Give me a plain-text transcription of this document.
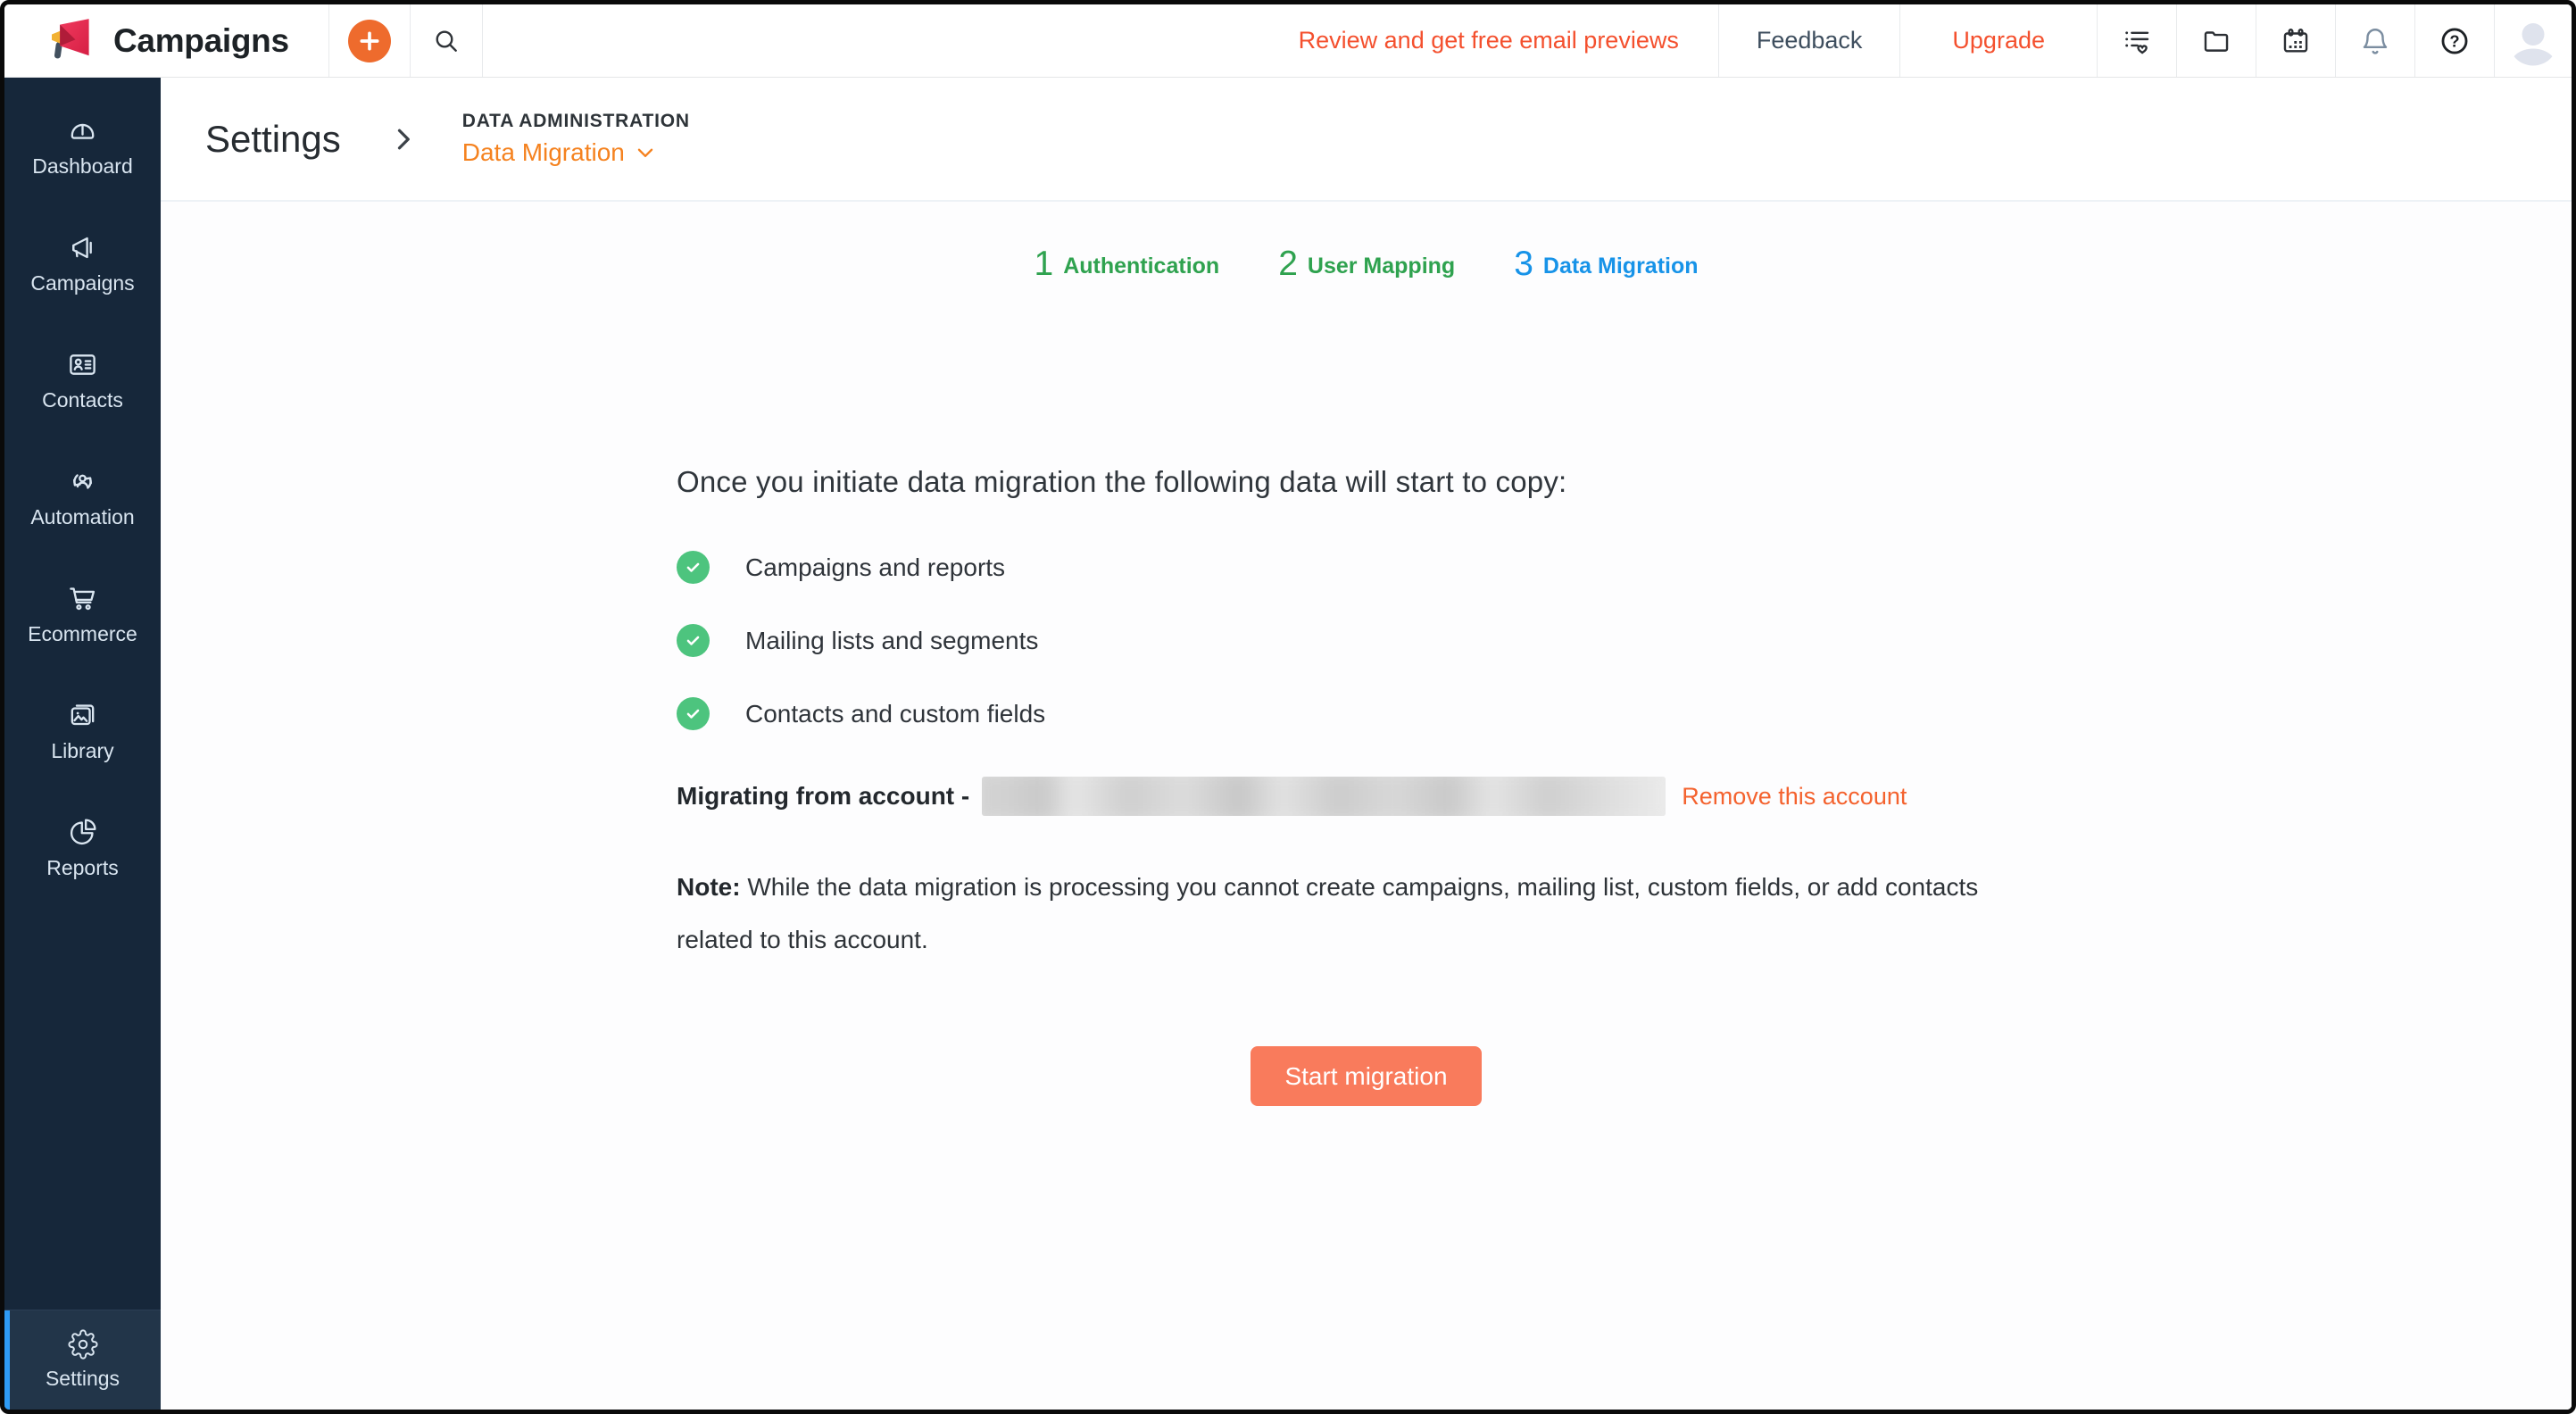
Campaigns	Review and get free email previews	Feedback	Upgrade	?
Dashboard
Campaigns
Contacts
Automation
Ecommerce
Library
Reports
Settings
Settings	DATA ADMINISTRATION
Data Migration
1 Authentication 2 User Mapping 3 Data Migration
Once you initiate data migration the following data will start to copy:
Campaigns and reports
Mailing lists and segments
Contacts and custom fields
Migrating from account -	Remove this account

Note: While the data migration is processing you cannot create campaigns, mailing list, custom fields, or add contacts related to this account.

Start migration
